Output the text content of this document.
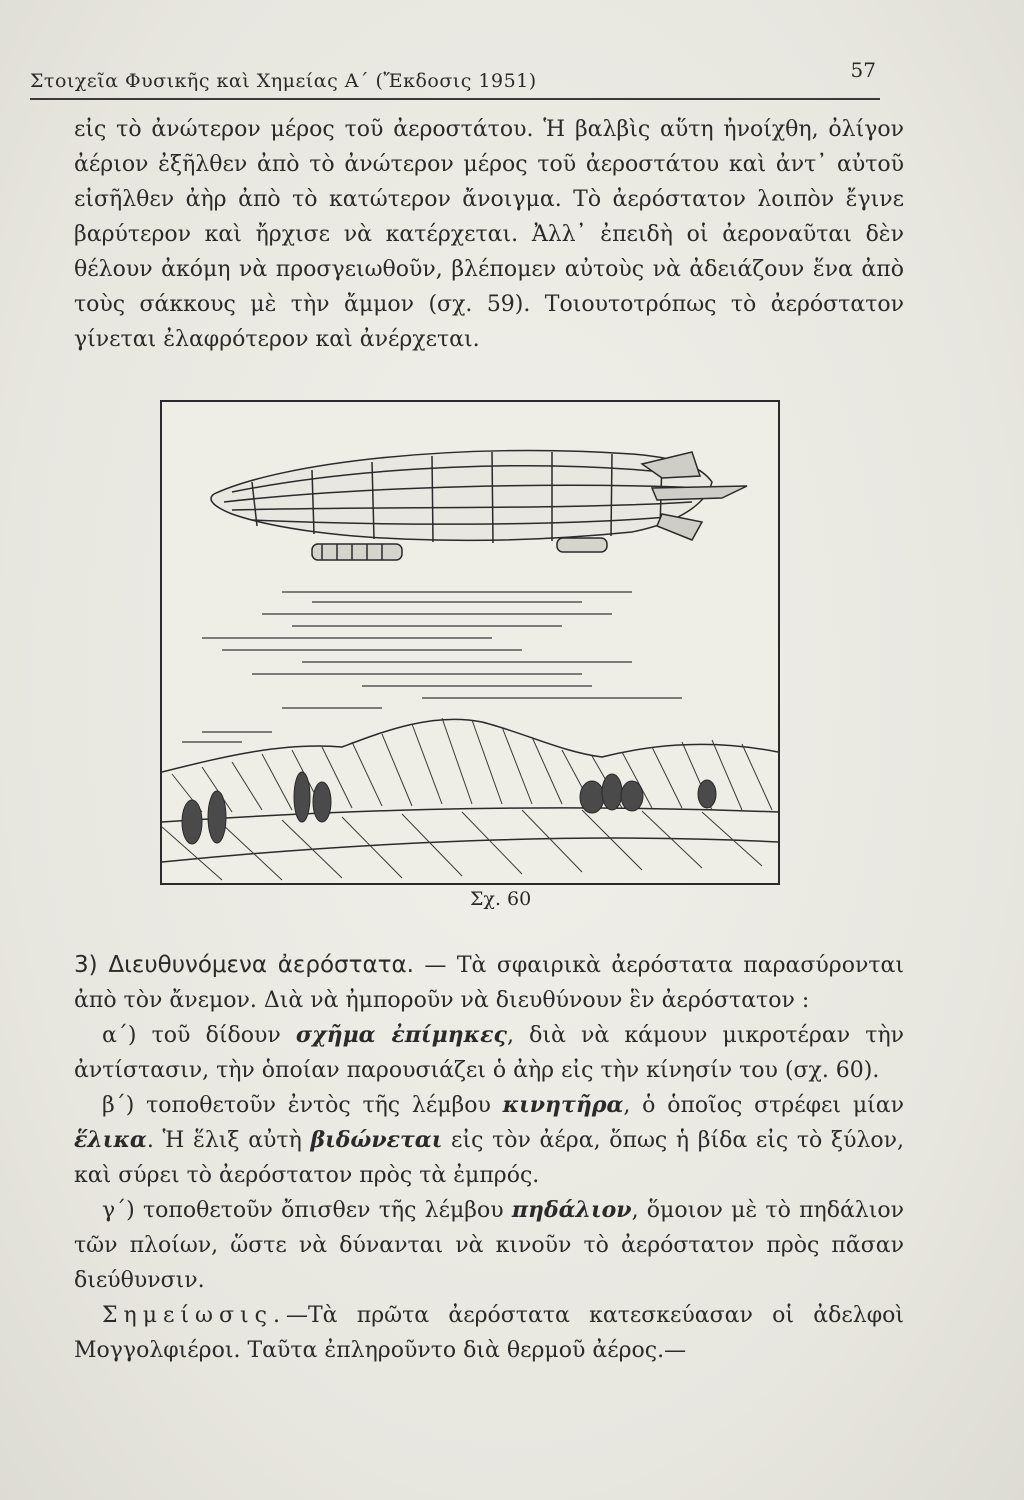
Στοιχεῖα Φυσικῆς καὶ Χημείας Α΄ (Ἔκδοσις 1951)	57
εἰς τὸ ἀνώτερον μέρος τοῦ ἀεροστάτου. Ἡ βαλβὶς αὕτη ἠνοίχθη, ὀλίγον ἀέριον ἐξῆλθεν ἀπὸ τὸ ἀνώτερον μέρος τοῦ ἀεροστάτου καὶ ἀντ᾿ αὐτοῦ εἰσῆλθεν ἀὴρ ἀπὸ τὸ κατώτερον ἄνοιγμα. Τὸ ἀερόστατον λοιπὸν ἔγινε βαρύτερον καὶ ἤρχισε νὰ κατέρχεται. Ἀλλ᾿ ἐπειδὴ οἱ ἀεροναῦται δὲν θέλουν ἀκόμη νὰ προσγειωθοῦν, βλέπομεν αὐτοὺς νὰ ἀδειάζουν ἕνα ἀπὸ τοὺς σάκκους μὲ τὴν ἄμμον (σχ. 59). Τοιουτοτρόπως τὸ ἀερόστατον γίνεται ἐλαφρότερον καὶ ἀνέρχεται.
Σχ. 60
3) Διευθυνόμενα ἀερόστατα. — Τὰ σφαιρικὰ ἀερόστατα παρασύρονται ἀπὸ τὸν ἄνεμον. Διὰ νὰ ἠμποροῦν νὰ διευθύνουν ἓν ἀερόστατον :
α΄) τοῦ δίδουν σχῆμα ἐπίμηκες, διὰ νὰ κάμουν μικροτέραν τὴν ἀντίστασιν, τὴν ὁποίαν παρουσιάζει ὁ ἀὴρ εἰς τὴν κίνησίν του (σχ. 60).
β΄) τοποθετοῦν ἐντὸς τῆς λέμβου κινητῆρα, ὁ ὁποῖος στρέφει μίαν ἕλικα. Ἡ ἕλιξ αὐτὴ βιδώνεται εἰς τὸν ἀέρα, ὅπως ἡ βίδα εἰς τὸ ξύλον, καὶ σύρει τὸ ἀερόστατον πρὸς τὰ ἐμπρός.
γ΄) τοποθετοῦν ὄπισθεν τῆς λέμβου πηδάλιον, ὅμοιον μὲ τὸ πηδάλιον τῶν πλοίων, ὥστε νὰ δύνανται νὰ κινοῦν τὸ ἀερόστατον πρὸς πᾶσαν διεύθυνσιν.
Σημείωσις.—Τὰ πρῶτα ἀερόστατα κατεσκεύασαν οἱ ἀδελφοὶ Μογγολφιέροι. Ταῦτα ἐπληροῦντο διὰ θερμοῦ ἀέρος.—
